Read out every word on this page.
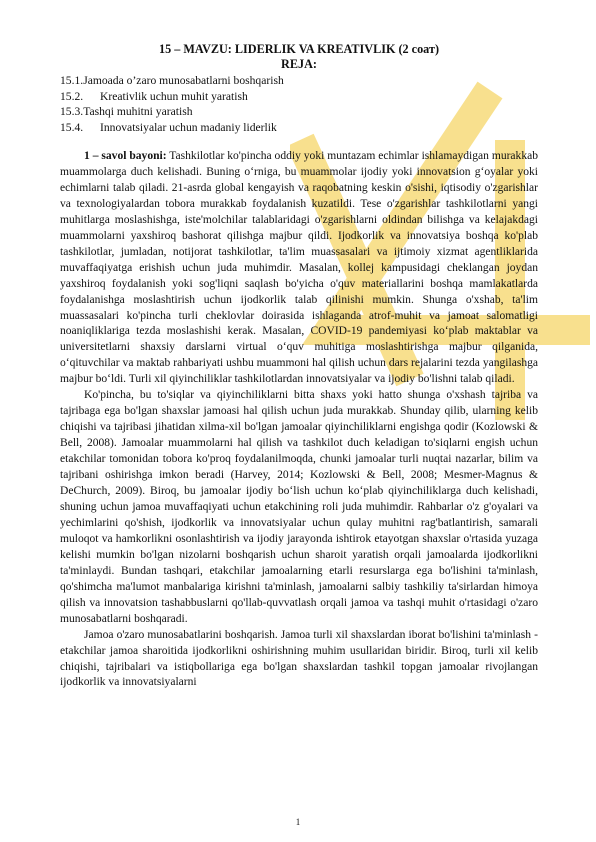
15 – MAVZU: LIDERLIK VA KREATIVLIK (2 соат)

REJA:

15.1. Jamoada o’zaro munosabatlarni boshqarish
15.2.	Kreativlik uchun muhit yaratish
15.3. Tashqi muhitni yaratish
15.4.	Innovatsiyalar uchun madaniy liderlik

1 – savol bayoni: Tashkilotlar ko'pincha oddiy yoki muntazam echimlar ishlamaydigan murakkab muammolarga duch kelishadi. Buning o‘rniga, bu muammolar ijodiy yoki innovatsion g‘oyalar yoki echimlarni talab qiladi. 21-asrda global kengayish va raqobatning keskin o'sishi, iqtisodiy o'zgarishlar va texnologiyalardan tobora murakkab foydalanish kuzatildi. Tese o'zgarishlar tashkilotlarni yangi muhitlarga moslashishga, iste'molchilar talablaridagi o'zgarishlarni oldindan bilishga va kelajakdagi muammolarni yaxshiroq bashorat qilishga majbur qildi. Ijodkorlik va innovatsiya boshqa ko'plab tashkilotlar, jumladan, notijorat tashkilotlar, ta'lim muassasalari va ijtimoiy xizmat agentliklarida muvaffaqiyatga erishish uchun juda muhimdir. Masalan, kollej kampusidagi cheklangan joydan yaxshiroq foydalanish yoki sog'liqni saqlash bo'yicha o'quv materiallarini boshqa mamlakatlarda foydalanishga moslashtirish uchun ijodkorlik talab qilinishi mumkin. Shunga o'xshab, ta'lim muassasalari ko'pincha turli cheklovlar doirasida ishlaganda atrof-muhit va jamoat salomatligi noaniqliklariga tezda moslashishi kerak. Masalan, COVID-19 pandemiyasi ko‘plab maktablar va universitetlarni shaxsiy darslarni virtual o‘quv muhitiga moslashtirishga majbur qilganida, o‘qituvchilar va maktab rahbariyati ushbu muammoni hal qilish uchun dars rejalarini tezda yangilashga majbur bo‘ldi. Turli xil qiyinchiliklar tashkilotlardan innovatsiyalar va ijodiy bo'lishni talab qiladi.

Ko'pincha, bu to'siqlar va qiyinchiliklarni bitta shaxs yoki hatto shunga o'xshash tajriba va tajribaga ega bo'lgan shaxslar jamoasi hal qilish uchun juda murakkab. Shunday qilib, ularning kelib chiqishi va tajribasi jihatidan xilma-xil bo'lgan jamoalar qiyinchiliklarni engishga qodir (Kozlowski & Bell, 2008). Jamoalar muammolarni hal qilish va tashkilot duch keladigan to'siqlarni engish uchun etakchilar tomonidan tobora ko'proq foydalanilmoqda, chunki jamoalar turli nuqtai nazarlar, bilim va tajribani oshirishga imkon beradi (Harvey, 2014; Kozlowski & Bell, 2008; Mesmer-Magnus & DeChurch, 2009). Biroq, bu jamoalar ijodiy bo‘lish uchun ko‘plab qiyinchiliklarga duch kelishadi, shuning uchun jamoa muvaffaqiyati uchun etakchining roli juda muhimdir. Rahbarlar o'z g'oyalari va yechimlarini qo'shish, ijodkorlik va innovatsiyalar uchun qulay muhitni rag'batlantirish, samarali muloqot va hamkorlikni osonlashtirish va ijodiy jarayonda ishtirok etayotgan shaxslar o'rtasida yuzaga kelishi mumkin bo'lgan nizolarni boshqarish uchun sharoit yaratish orqali jamoalarda ijodkorlikni ta'minlaydi. Bundan tashqari, etakchilar jamoalarning etarli resurslarga ega bo'lishini ta'minlash, qo'shimcha ma'lumot manbalariga kirishni ta'minlash, jamoalarni salbiy tashkiliy ta'sirlardan himoya qilish va innovatsion tashabbuslarni qo'llab-quvvatlash orqali jamoa va tashqi muhit o'rtasidagi o'zaro munosabatlarni boshqaradi.

Jamoa o'zaro munosabatlarini boshqarish. Jamoa turli xil shaxslardan iborat bo'lishini ta'minlash - etakchilar jamoa sharoitida ijodkorlikni oshirishning muhim usullaridan biridir. Biroq, turli xil kelib chiqishi, tajribalari va istiqbollariga ega bo'lgan shaxslardan tashkil topgan jamoalar rivojlangan ijodkorlik va innovatsiyalarni

1
